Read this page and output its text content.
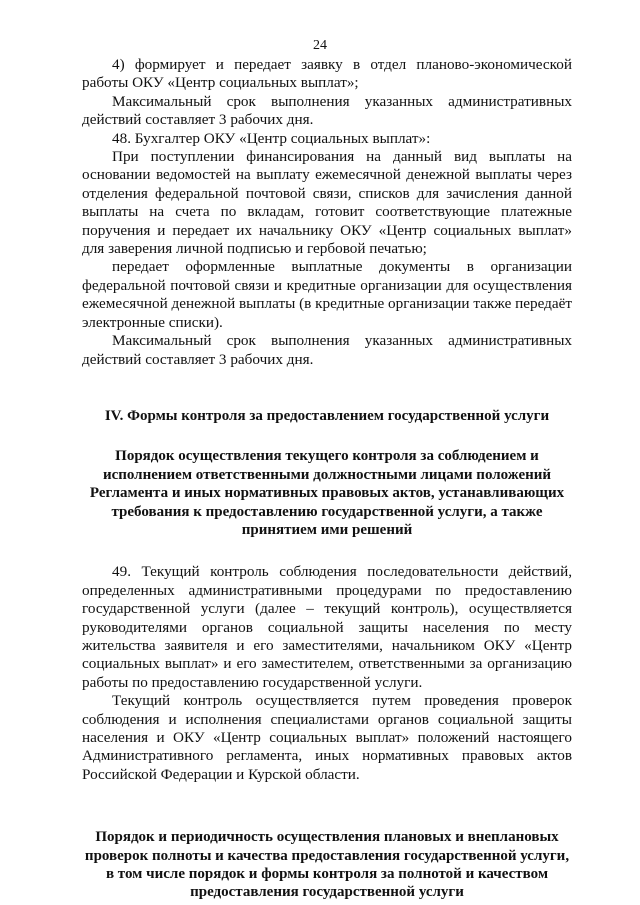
24

4) формирует и передает заявку в отдел планово-экономической работы ОКУ «Центр социальных выплат»;

Максимальный срок выполнения указанных административных действий составляет 3 рабочих дня.

48. Бухгалтер ОКУ «Центр социальных выплат»:

При поступлении финансирования на данный вид выплаты на основании ведомостей на выплату ежемесячной денежной выплаты через отделения федеральной почтовой связи, списков для зачисления данной выплаты на счета по вкладам, готовит соответствующие платежные поручения и передает их начальнику ОКУ «Центр социальных выплат» для заверения личной подписью и гербовой печатью;

передает оформленные выплатные документы в организации федеральной почтовой связи и кредитные организации для осуществления ежемесячной денежной выплаты (в кредитные организации также передаёт электронные списки).

Максимальный срок выполнения указанных административных действий составляет 3 рабочих дня.

IV. Формы контроля за предоставлением государственной услуги

Порядок осуществления текущего контроля за соблюдением и исполнением ответственными должностными лицами положений Регламента и иных нормативных правовых актов, устанавливающих требования к предоставлению государственной услуги, а также принятием ими решений

49. Текущий контроль соблюдения последовательности действий, определенных административными процедурами по предоставлению государственной услуги (далее – текущий контроль), осуществляется руководителями органов социальной защиты населения по месту жительства заявителя и его заместителями, начальником ОКУ «Центр социальных выплат» и его заместителем, ответственными за организацию работы по предоставлению государственной услуги.

Текущий контроль осуществляется путем проведения проверок соблюдения и исполнения специалистами органов социальной защиты населения и ОКУ «Центр социальных выплат» положений настоящего Административного регламента, иных нормативных правовых актов Российской Федерации и Курской области.

Порядок и периодичность осуществления плановых и внеплановых проверок полноты и качества предоставления государственной услуги, в том числе порядок и формы контроля за полнотой и качеством предоставления государственной услуги
